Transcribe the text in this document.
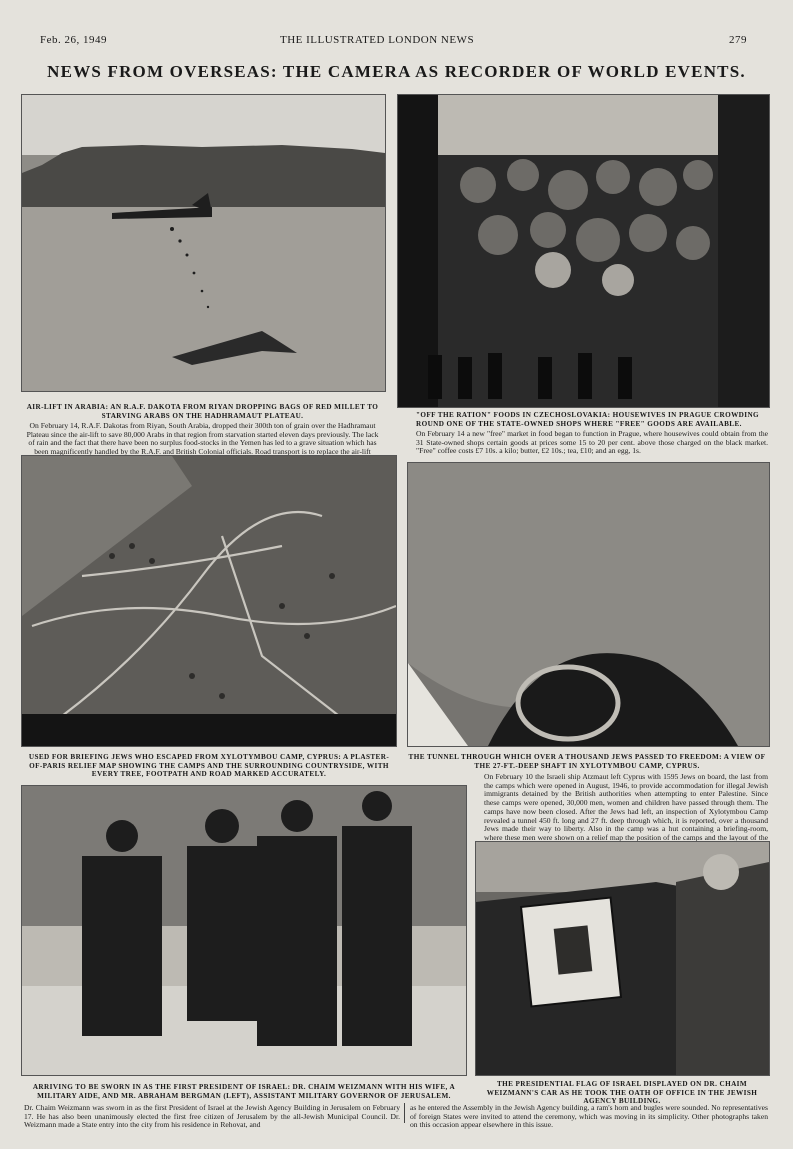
Feb. 26, 1949	THE ILLUSTRATED LONDON NEWS	279
NEWS FROM OVERSEAS: THE CAMERA AS RECORDER OF WORLD EVENTS.
AIR-LIFT IN ARABIA: AN R.A.F. DAKOTA FROM RIYAN DROPPING BAGS OF RED MILLET TO STARVING ARABS ON THE HADHRAMAUT PLATEAU.
On February 14, R.A.F. Dakotas from Riyan, South Arabia, dropped their 300th ton of grain over the Hadhramaut Plateau since the air-lift to save 80,000 Arabs in that region from starvation started eleven days previously. The lack of rain and the fact that there have been no surplus food-stocks in the Yemen has led to a grave situation which has been magnificently handled by the R.A.F. and British Colonial officials. Road transport is to replace the air-lift
"OFF THE RATION" FOODS IN CZECHOSLOVAKIA: HOUSEWIVES IN PRAGUE CROWDING ROUND ONE OF THE STATE-OWNED SHOPS WHERE "FREE" GOODS ARE AVAILABLE.
On February 14 a new "free" market in food began to function in Prague, where housewives could obtain from the 31 State-owned shops certain goods at prices some 15 to 20 per cent. above those charged on the black market. "Free" coffee costs £7 10s. a kilo; butter, £2 10s.; tea, £10; and an egg, 1s.
USED FOR BRIEFING JEWS WHO ESCAPED FROM XYLOTYMBOU CAMP, CYPRUS: A PLASTER-OF-PARIS RELIEF MAP SHOWING THE CAMPS AND THE SURROUNDING COUNTRYSIDE, WITH EVERY TREE, FOOTPATH AND ROAD MARKED ACCURATELY.
THE TUNNEL THROUGH WHICH OVER A THOUSAND JEWS PASSED TO FREEDOM: A VIEW OF THE 27-FT.-DEEP SHAFT IN XYLOTYMBOU CAMP, CYPRUS.
On February 10 the Israeli ship Atzmaut left Cyprus with 1595 Jews on board, the last from the camps which were opened in August, 1946, to provide accommodation for illegal Jewish immigrants detained by the British authorities when attempting to enter Palestine. Since these camps were opened, 30,000 men, women and children have passed through them. The camps have now been closed. After the Jews had left, an inspection of Xylotymbou Camp revealed a tunnel 450 ft. long and 27 ft. deep through which, it is reported, over a thousand Jews made their way to liberty. Also in the camp was a hut containing a briefing-room, where these men were shown on a relief map the position of the camps and the layout of the
ARRIVING TO BE SWORN IN AS THE FIRST PRESIDENT OF ISRAEL: DR. CHAIM WEIZMANN WITH HIS WIFE, A MILITARY AIDE, AND MR. ABRAHAM BERGMAN (LEFT), ASSISTANT MILITARY GOVERNOR OF JERUSALEM.
Dr. Chaim Weizmann was sworn in as the first President of Israel at the Jewish Agency Building in Jerusalem on February 17. He has also been unanimously elected the first free citizen of Jerusalem by the all-Jewish Municipal Council. Dr. Weizmann made a State entry into the city from his residence in Rehovat, and
as he entered the Assembly in the Jewish Agency building, a ram's horn and bugles were sounded. No representatives of foreign States were invited to attend the ceremony, which was moving in its simplicity. Other photographs taken on this occasion appear elsewhere in this issue.
THE PRESIDENTIAL FLAG OF ISRAEL DISPLAYED ON DR. CHAIM WEIZMANN'S CAR AS HE TOOK THE OATH OF OFFICE IN THE JEWISH AGENCY BUILDING.
